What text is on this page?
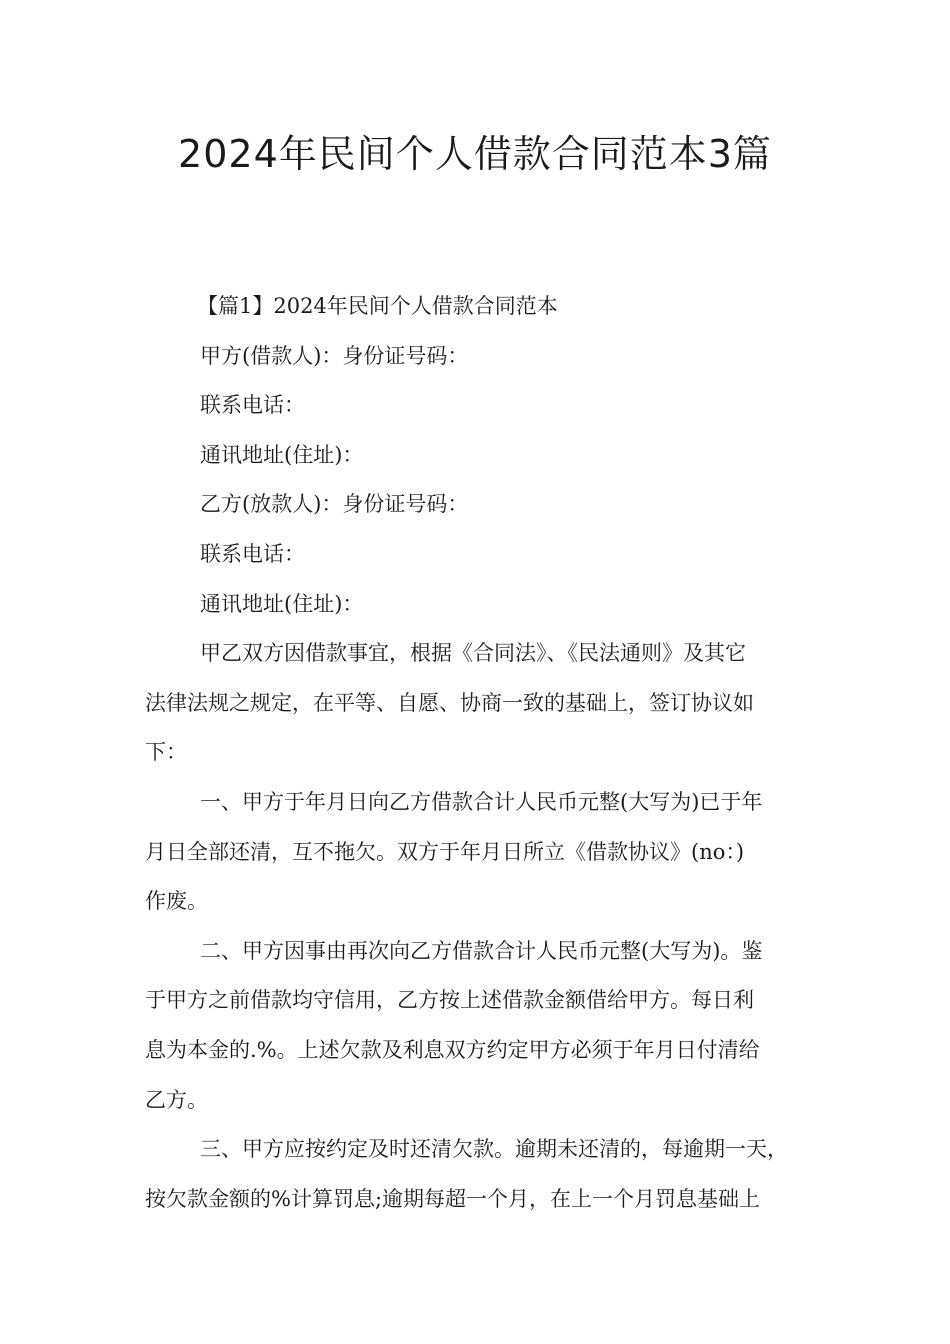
2024年民间个人借款合同范本3篇

【篇1】2024年民间个人借款合同范本

甲方(借款人)：身份证号码：

联系电话：

通讯地址(住址)：

乙方(放款人)：身份证号码：

联系电话：

通讯地址(住址)：

甲乙双方因借款事宜，根据《合同法》、《民法通则》及其它

法律法规之规定，在平等、自愿、协商一致的基础上，签订协议如

下：

一、甲方于年月日向乙方借款合计人民币元整(大写为)已于年

月日全部还清，互不拖欠。双方于年月日所立《借款协议》(no：)

作废。

二、甲方因事由再次向乙方借款合计人民币元整(大写为)。鉴

于甲方之前借款均守信用，乙方按上述借款金额借给甲方。每日利

息为本金的.%。上述欠款及利息双方约定甲方必须于年月日付清给

乙方。

三、甲方应按约定及时还清欠款。逾期未还清的，每逾期一天，

按欠款金额的%计算罚息;逾期每超一个月，在上一个月罚息基础上
